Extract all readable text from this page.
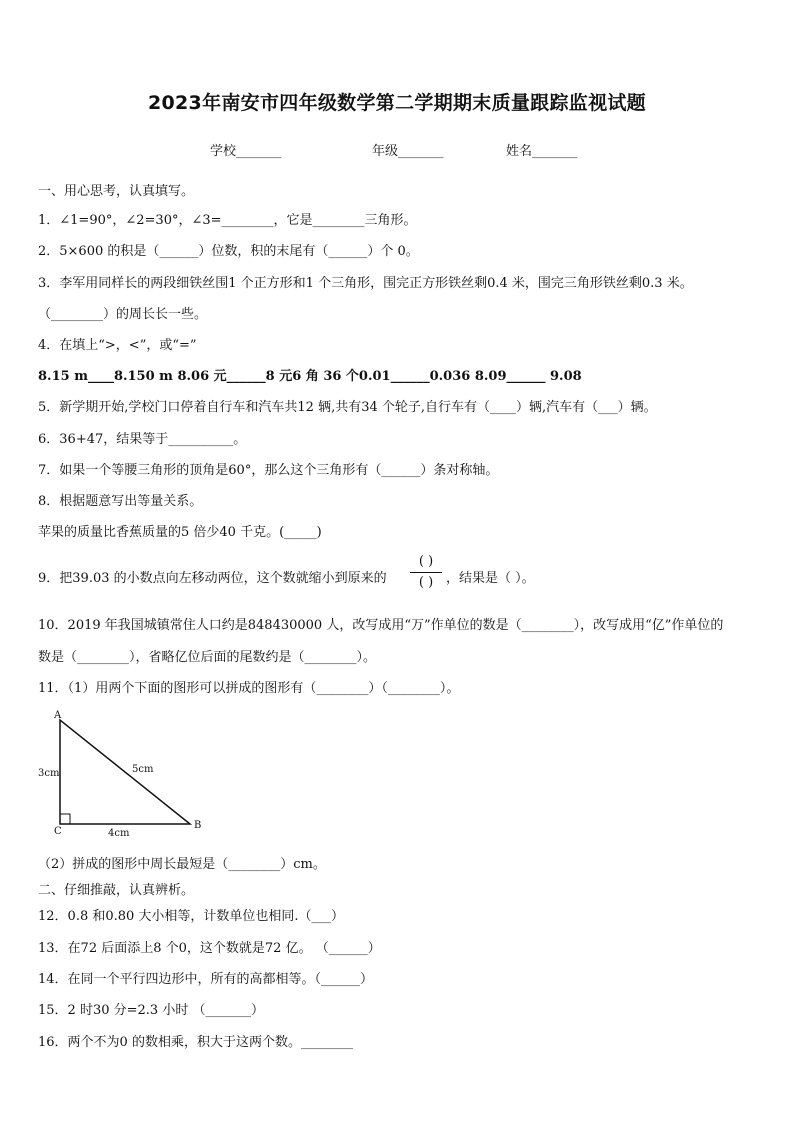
2023年南安市四年级数学第二学期期末质量跟踪监视试题
学校_______	年级_______	姓名_______
一、用心思考，认真填写。
1．∠1=90°，∠2=30°，∠3=________，它是________三角形。
2．5×600 的积是（______）位数，积的末尾有（______）个 0。
3．李军用同样长的两段细铁丝围1 个正方形和1 个三角形，围完正方形铁丝剩0.4 米，围完三角形铁丝剩0.3 米。
（________）的周长长一些。
4．在填上“>，<”，或“=”
8.15 m____8.150 m 8.06 元______8 元6 角 36 个0.01______0.036 8.09______ 9.08
5．新学期开始,学校门口停着自行车和汽车共12 辆,共有34 个轮子,自行车有（____）辆,汽车有（___）辆。
6．36+47，结果等于__________。
7．如果一个等腰三角形的顶角是60°，那么这个三角形有（______）条对称轴。
8．根据题意写出等量关系。
苹果的质量比香蕉质量的5 倍少40 千克。(_____)
9．把39.03 的小数点向左移动两位，这个数就缩小到原来的
( )
( ) ，结果是（ ）。
10．2019 年我国城镇常住人口约是848430000 人，改写成用“万”作单位的数是（________），改写成用“亿”作单位的
数是（________），省略亿位后面的尾数约是（________）。
11．（1）用两个下面的图形可以拼成的图形有（________）（________）。
A
B
C
3cm	5cm
4cm
（2）拼成的图形中周长最短是（________）cm。
二、仔细推敲，认真辨析。
12．0.8 和0.80 大小相等，计数单位也相同.（___）
13．在72 后面添上8 个0，这个数就是72 亿。 （______）
14．在同一个平行四边形中，所有的高都相等。（______）
15．2 时30 分=2.3 小时 （_______）
16．两个不为0 的数相乘，积大于这两个数。________
